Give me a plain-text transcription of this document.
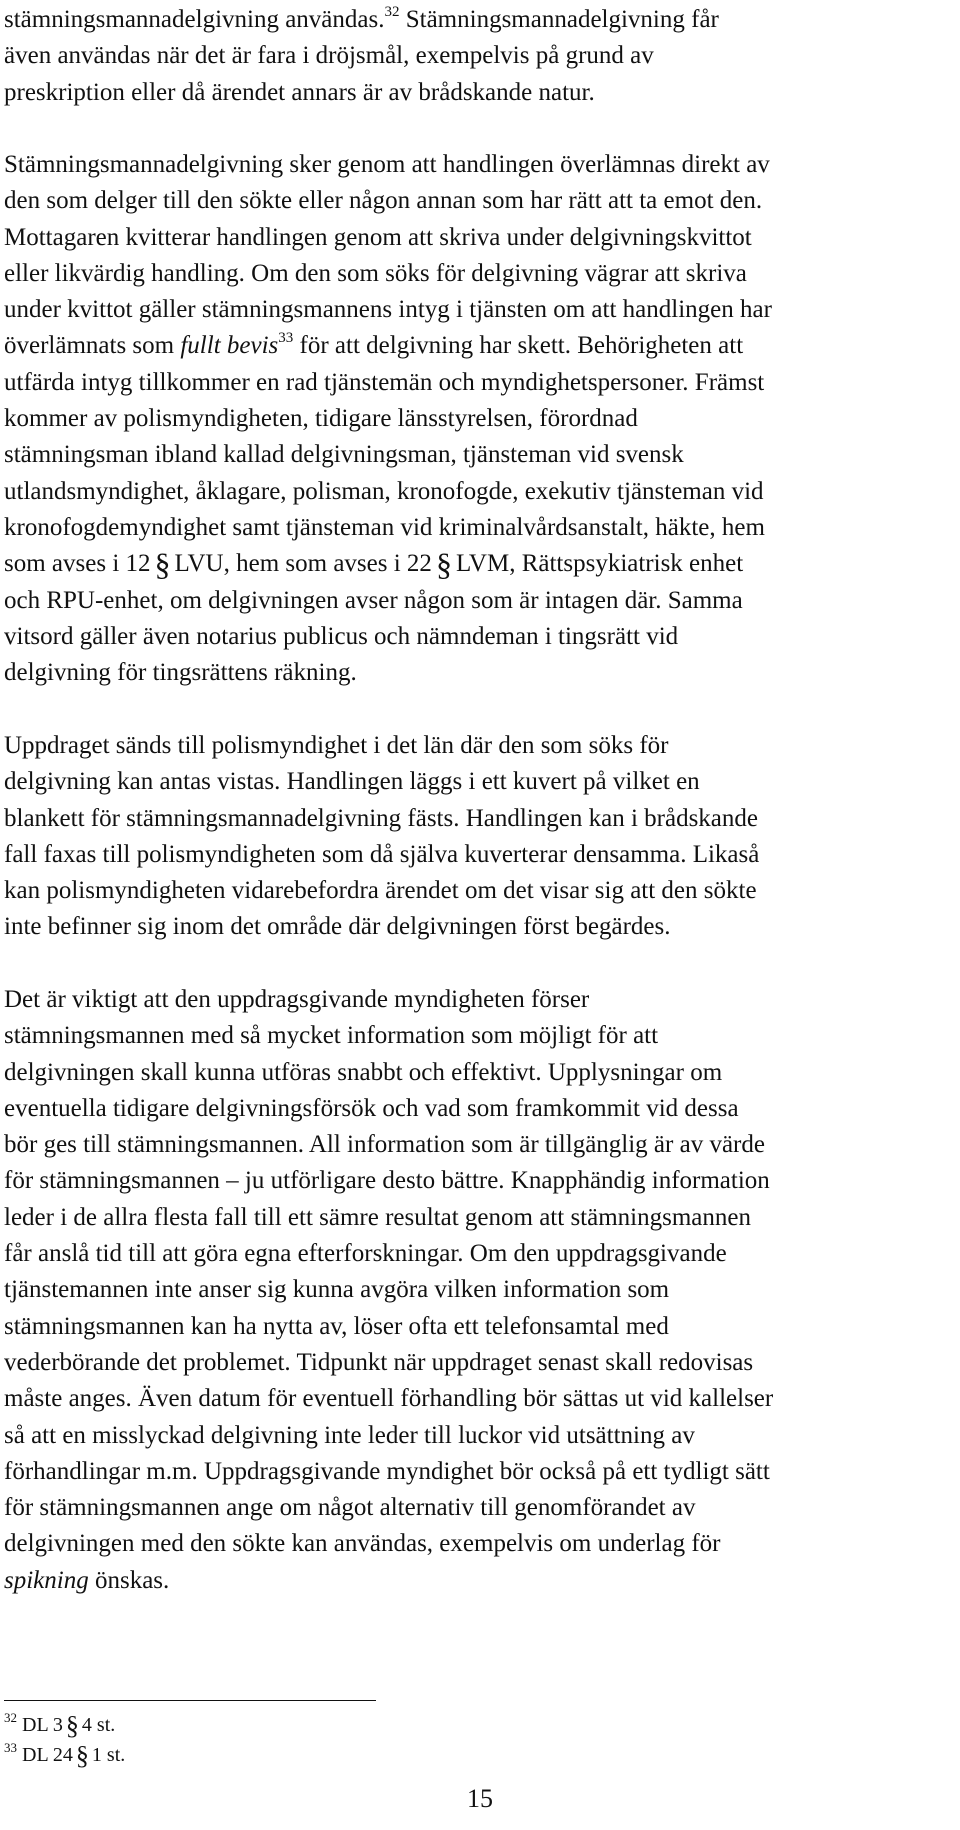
stämningsmannadelgivning användas.$^{32}$ Stämningsmannadelgivning får
även användas när det är fara i dröjsmål, exempelvis på grund av
preskription eller då ärendet annars är av brådskande natur.

Stämningsmannadelgivning sker genom att handlingen överlämnas direkt av
den som delger till den sökte eller någon annan som har rätt att ta emot den.
Mottagaren kvitterar handlingen genom att skriva under delgivningskvittot
eller likvärdig handling. Om den som söks för delgivning vägrar att skriva
under kvittot gäller stämningsmannens intyg i tjänsten om att handlingen har
överlämnats som fullt bevis$^{33}$ för att delgivning har skett. Behörigheten att
utfärda intyg tillkommer en rad tjänstemän och myndighetspersoner. Främst
kommer av polismyndigheten, tidigare länsstyrelsen, förordnad
stämningsman ibland kallad delgivningsman, tjänsteman vid svensk
utlandsmyndighet, åklagare, polisman, kronofogde, exekutiv tjänsteman vid
kronofogdemyndighet samt tjänsteman vid kriminalvårdsanstalt, häkte, hem
som avses i 12 § LVU, hem som avses i 22 § LVM, Rättspsykiatrisk enhet
och RPU-enhet, om delgivningen avser någon som är intagen där. Samma
vitsord gäller även notarius publicus och nämndeman i tingsrätt vid
delgivning för tingsrättens räkning.

Uppdraget sänds till polismyndighet i det län där den som söks för
delgivning kan antas vistas. Handlingen läggs i ett kuvert på vilket en
blankett för stämningsmannadelgivning fästs. Handlingen kan i brådskande
fall faxas till polismyndigheten som då själva kuverterar densamma. Likaså
kan polismyndigheten vidarebefordra ärendet om det visar sig att den sökte
inte befinner sig inom det område där delgivningen först begärdes.

Det är viktigt att den uppdragsgivande myndigheten förser
stämningsmannen med så mycket information som möjligt för att
delgivningen skall kunna utföras snabbt och effektivt. Upplysningar om
eventuella tidigare delgivningsförsök och vad som framkommit vid dessa
bör ges till stämningsmannen. All information som är tillgänglig är av värde
för stämningsmannen – ju utförligare desto bättre. Knapphändig information
leder i de allra flesta fall till ett sämre resultat genom att stämningsmannen
får anslå tid till att göra egna efterforskningar. Om den uppdragsgivande
tjänstemannen inte anser sig kunna avgöra vilken information som
stämningsmannen kan ha nytta av, löser ofta ett telefonsamtal med
vederbörande det problemet. Tidpunkt när uppdraget senast skall redovisas
måste anges. Även datum för eventuell förhandling bör sättas ut vid kallelser
så att en misslyckad delgivning inte leder till luckor vid utsättning av
förhandlingar m.m. Uppdragsgivande myndighet bör också på ett tydligt sätt
för stämningsmannen ange om något alternativ till genomförandet av
delgivningen med den sökte kan användas, exempelvis om underlag för
spikning önskas.

$^{32}$ DL 3 § 4 st.
$^{33}$ DL 24 § 1 st.
15
